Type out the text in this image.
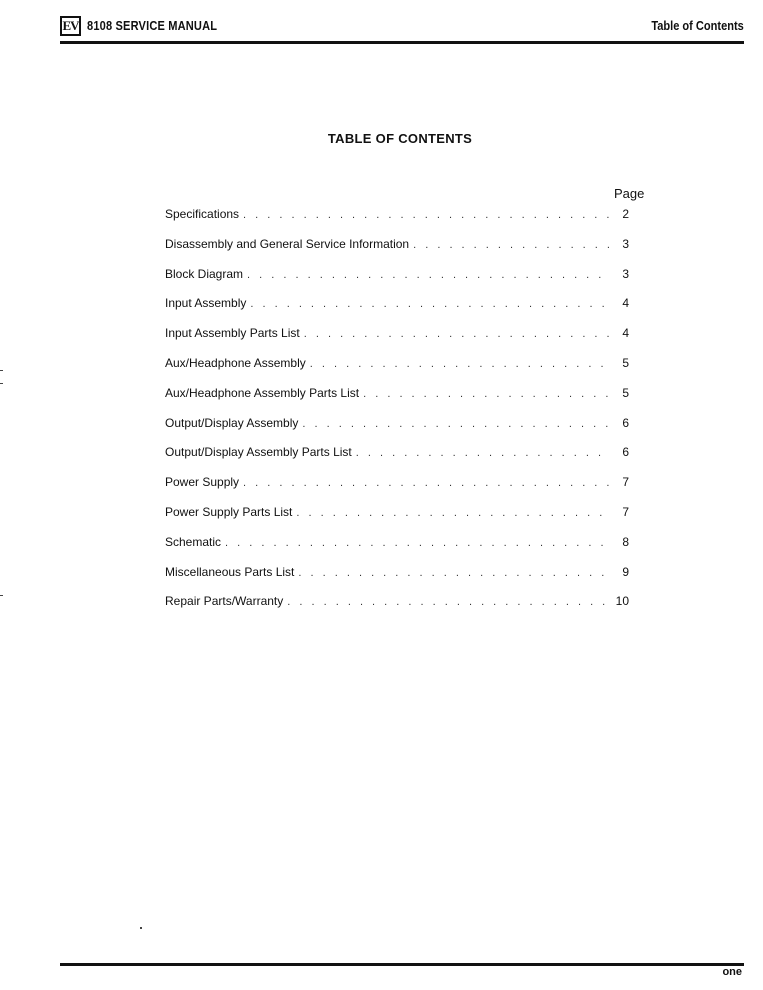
EV 8108 SERVICE MANUAL	Table of Contents
TABLE OF CONTENTS
Page
Specifications . . .	2
Disassembly and General Service Information . . .	3
Block Diagram . . .	3
Input Assembly . . .	4
Input Assembly Parts List . . .	4
Aux/Headphone Assembly . . .	5
Aux/Headphone Assembly Parts List . . .	5
Output/Display Assembly . . .	6
Output/Display Assembly Parts List . . .	6
Power Supply . . .	7
Power Supply Parts List . . .	7
Schematic . . .	8
Miscellaneous Parts List . . .	9
Repair Parts/Warranty . . .	10
one
